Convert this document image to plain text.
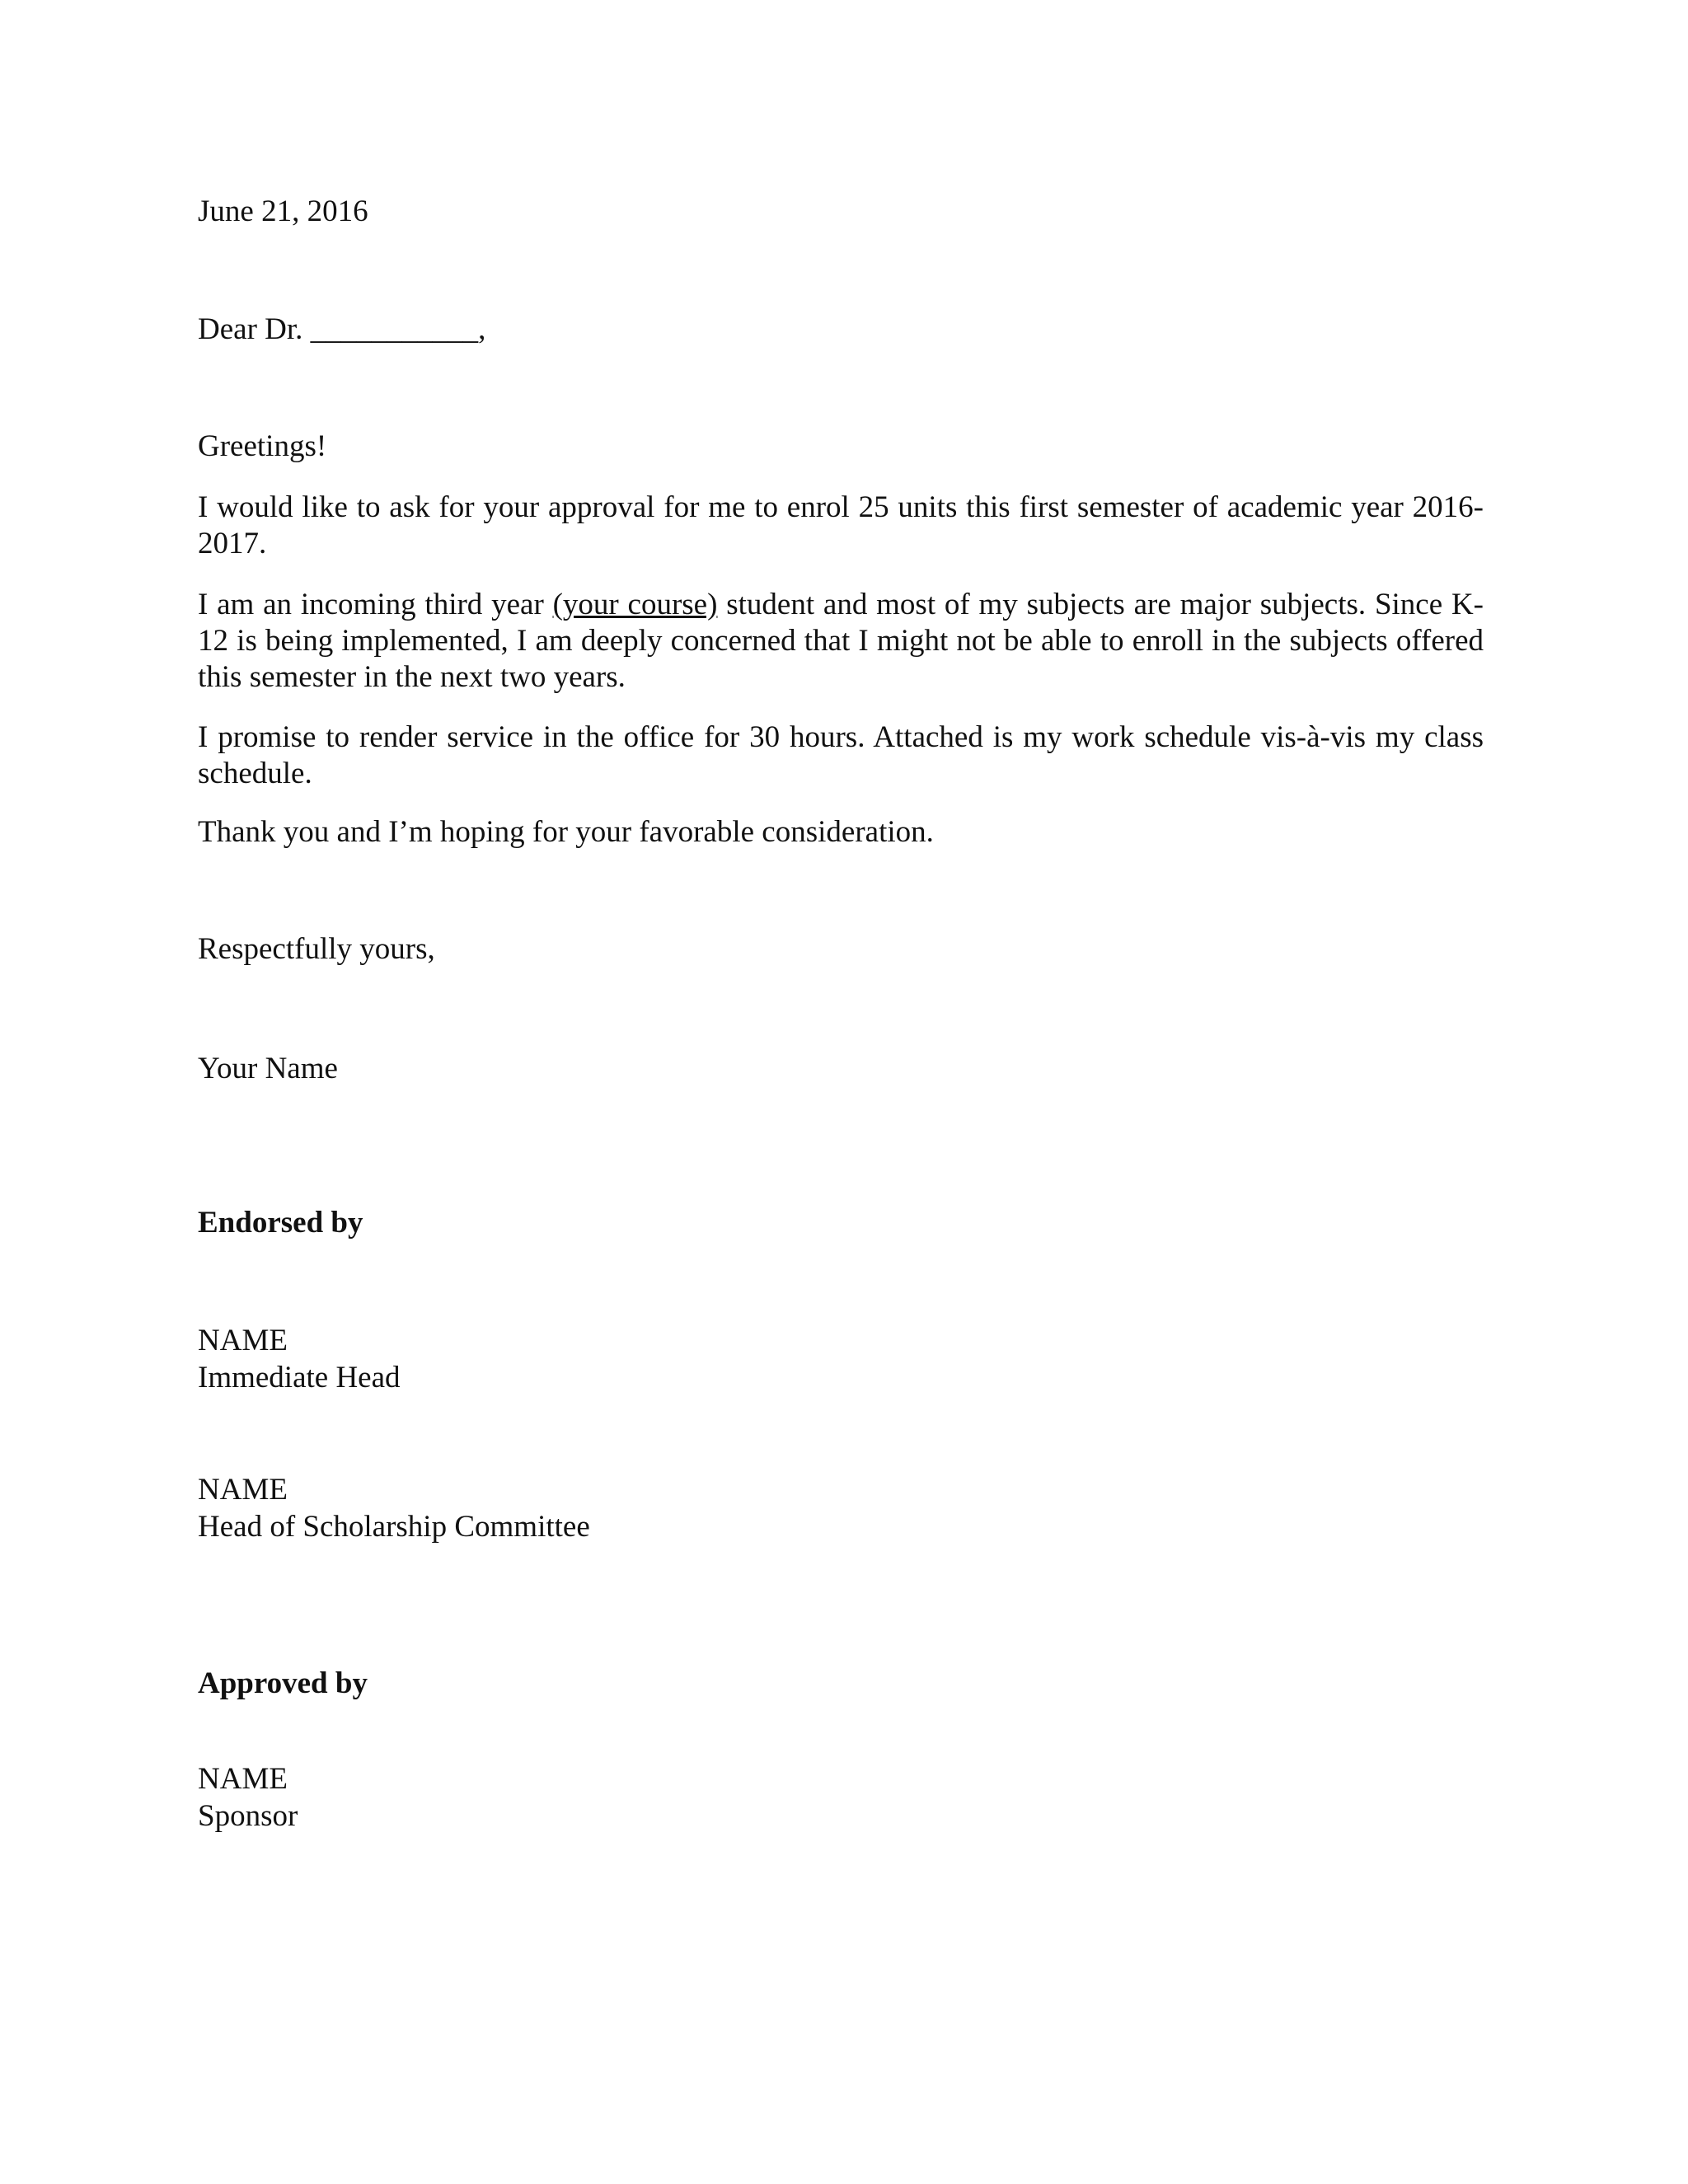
June 21, 2016

Dear Dr. ___________,

Greetings!

I would like to ask for your approval for me to enrol 25 units this first semester of academic year 2016-2017.

I am an incoming third year (your course) student and most of my subjects are major subjects. Since K-12 is being implemented, I am deeply concerned that I might not be able to enroll in the subjects offered this semester in the next two years.

I promise to render service in the office for 30 hours. Attached is my work schedule vis-à-vis my class schedule.

Thank you and I’m hoping for your favorable consideration.

Respectfully yours,

Your Name

Endorsed by

NAME

Immediate Head

NAME

Head of Scholarship Committee

Approved by

NAME

Sponsor
